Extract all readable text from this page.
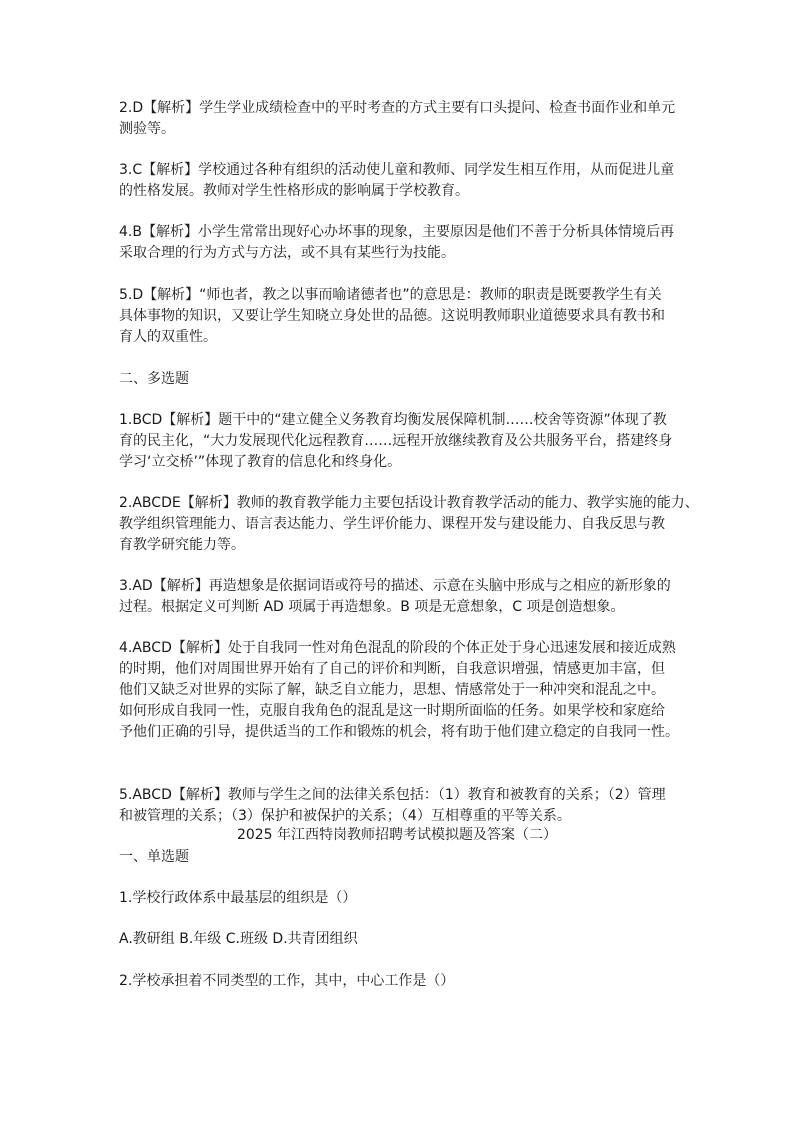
2.D【解析】学生学业成绩检查中的平时考查的方式主要有口头提问、检查书面作业和单元
测验等。

3.C【解析】学校通过各种有组织的活动使儿童和教师、同学发生相互作用，从而促进儿童
的性格发展。教师对学生性格形成的影响属于学校教育。

4.B【解析】小学生常常出现好心办坏事的现象，主要原因是他们不善于分析具体情境后再
采取合理的行为方式与方法，或不具有某些行为技能。

5.D【解析】“师也者，教之以事而喻诸德者也”的意思是：教师的职责是既要教学生有关
具体事物的知识，又要让学生知晓立身处世的品德。这说明教师职业道德要求具有教书和
育人的双重性。

二、多选题

1.BCD【解析】题干中的“建立健全义务教育均衡发展保障机制……校舍等资源”体现了教
育的民主化，“大力发展现代化远程教育……远程开放继续教育及公共服务平台，搭建终身
学习‘立交桥’”体现了教育的信息化和终身化。

2.ABCDE【解析】教师的教育教学能力主要包括设计教育教学活动的能力、教学实施的能力、
教学组织管理能力、语言表达能力、学生评价能力、课程开发与建设能力、自我反思与教
育教学研究能力等。

3.AD【解析】再造想象是依据词语或符号的描述、示意在头脑中形成与之相应的新形象的
过程。根据定义可判断 AD 项属于再造想象。B 项是无意想象，C 项是创造想象。

4.ABCD【解析】处于自我同一性对角色混乱的阶段的个体正处于身心迅速发展和接近成熟
的时期，他们对周围世界开始有了自己的评价和判断，自我意识增强，情感更加丰富，但
他们又缺乏对世界的实际了解，缺乏自立能力，思想、情感常处于一种冲突和混乱之中。
如何形成自我同一性，克服自我角色的混乱是这一时期所面临的任务。如果学校和家庭给
予他们正确的引导，提供适当的工作和锻炼的机会，将有助于他们建立稳定的自我同一性。

5.ABCD【解析】教师与学生之间的法律关系包括：（1）教育和被教育的关系；（2）管理
和被管理的关系；（3）保护和被保护的关系；（4）互相尊重的平等关系。

2025 年江西特岗教师招聘考试模拟题及答案（二）

一、单选题

1.学校行政体系中最基层的组织是（）

A.教研组 B.年级 C.班级 D.共青团组织

2.学校承担着不同类型的工作，其中，中心工作是（）
